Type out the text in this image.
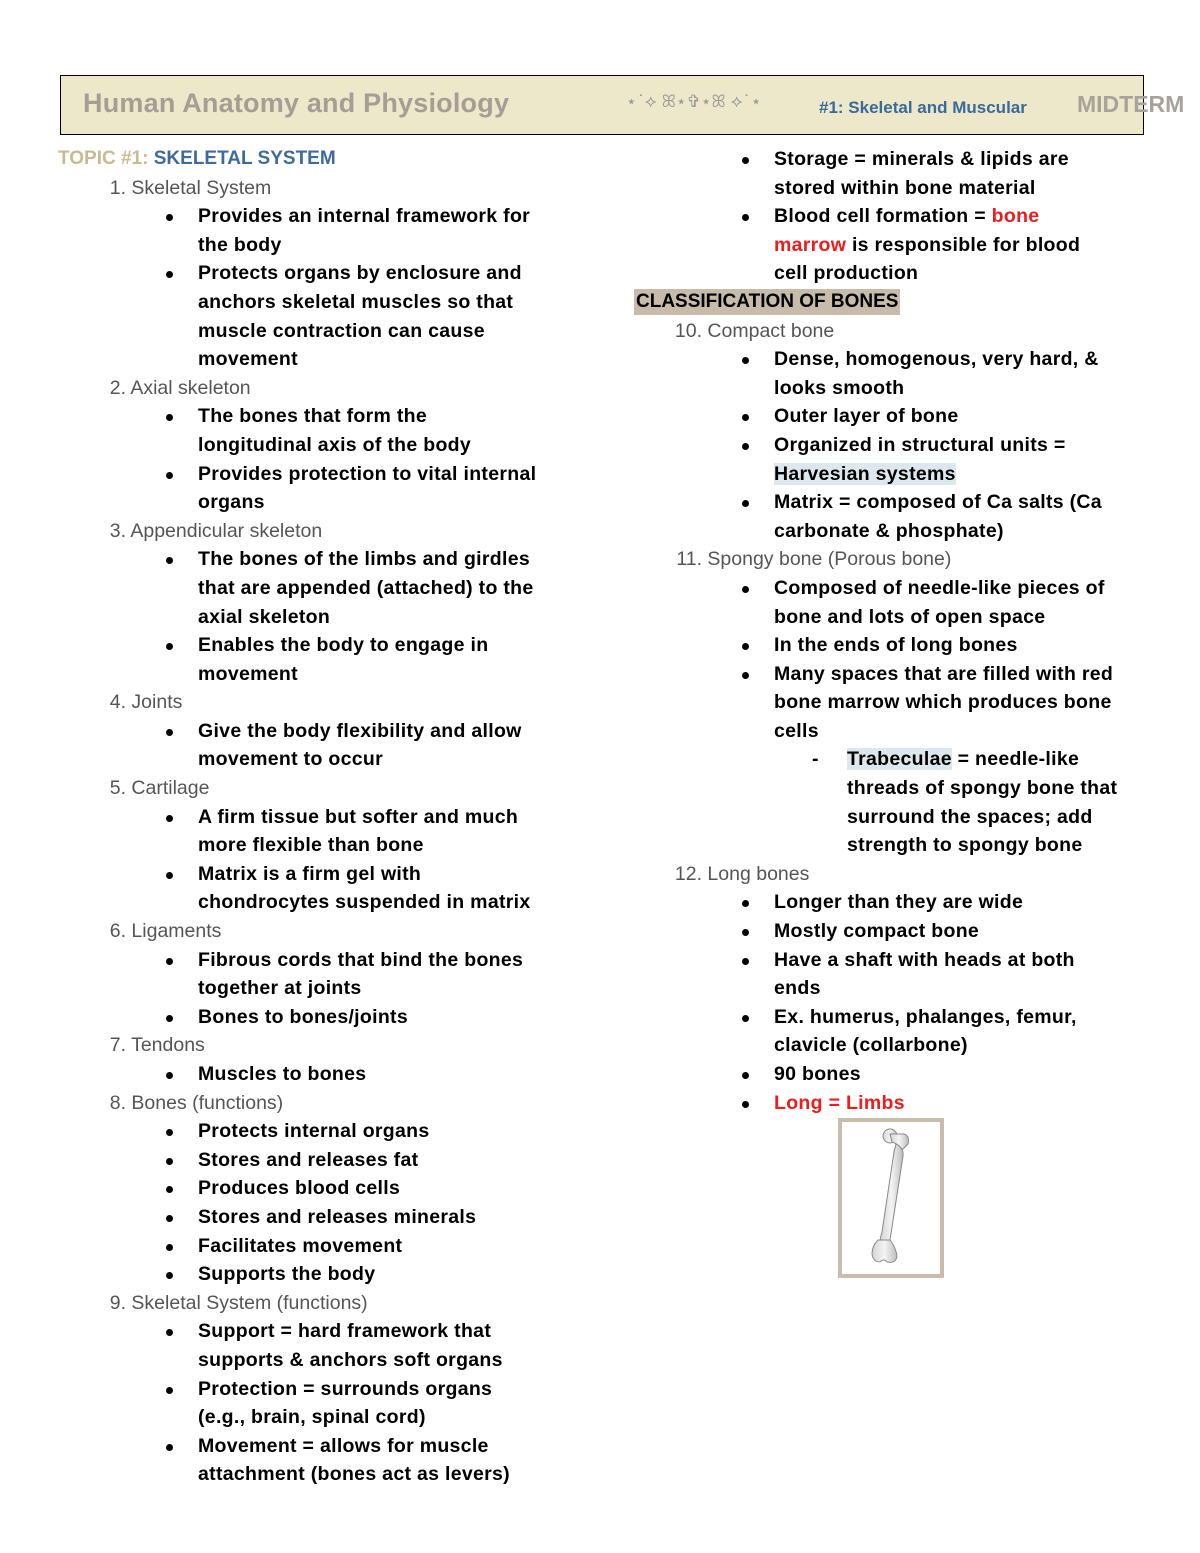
Human Anatomy and Physiology	⋆˙⟡ ꕤ⋆✞⋆ꕤ ⟡˙⋆	#1: Skeletal and Muscular MIDTERM
TOPIC #1: SKELETAL SYSTEM
1. Skeletal System
Provides an internal framework for
the body
Protects organs by enclosure and
anchors skeletal muscles so that
muscle contraction can cause
movement
2. Axial skeleton
The bones that form the
longitudinal axis of the body
Provides protection to vital internal
organs
3. Appendicular skeleton
The bones of the limbs and girdles
that are appended (attached) to the
axial skeleton
Enables the body to engage in
movement
4. Joints
Give the body flexibility and allow
movement to occur
5. Cartilage
A firm tissue but softer and much
more flexible than bone
Matrix is a firm gel with
chondrocytes suspended in matrix
6. Ligaments
Fibrous cords that bind the bones
together at joints
Bones to bones/joints
7. Tendons
Muscles to bones
8. Bones (functions)
Protects internal organs
Stores and releases fat
Produces blood cells
Stores and releases minerals
Facilitates movement
Supports the body
9. Skeletal System (functions)
Support = hard framework that
supports & anchors soft organs
Protection = surrounds organs
(e.g., brain, spinal cord)
Movement = allows for muscle
attachment (bones act as levers)
Storage = minerals & lipids are
stored within bone material
Blood cell formation = bone
marrow is responsible for blood
cell production
CLASSIFICATION OF BONES
10. Compact bone
Dense, homogenous, very hard, &
looks smooth
Outer layer of bone
Organized in structural units =
Harvesian systems
Matrix = composed of Ca salts (Ca
carbonate & phosphate)
11. Spongy bone (Porous bone)
Composed of needle-like pieces of
bone and lots of open space
In the ends of long bones
Many spaces that are filled with red
bone marrow which produces bone
cells
- Trabeculae = needle-like
threads of spongy bone that
surround the spaces; add
strength to spongy bone
12. Long bones
Longer than they are wide
Mostly compact bone
Have a shaft with heads at both
ends
Ex. humerus, phalanges, femur,
clavicle (collarbone)
90 bones
Long = Limbs
